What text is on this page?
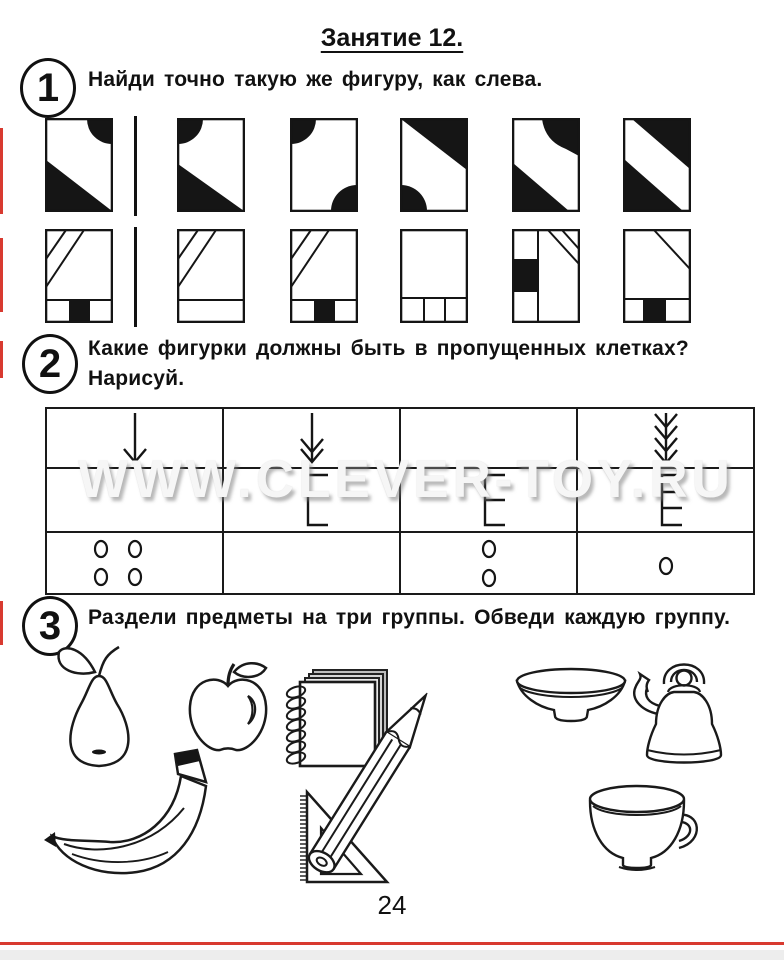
Занятие 12.
1 Найди точно такую же фигуру, как слева.
2 Какие фигурки должны быть в пропущенных клетках?
Нарисуй.

WWW.CLEVER-TOY.RU
3 Раздели предметы на три группы. Обведи каждую группу.
24
